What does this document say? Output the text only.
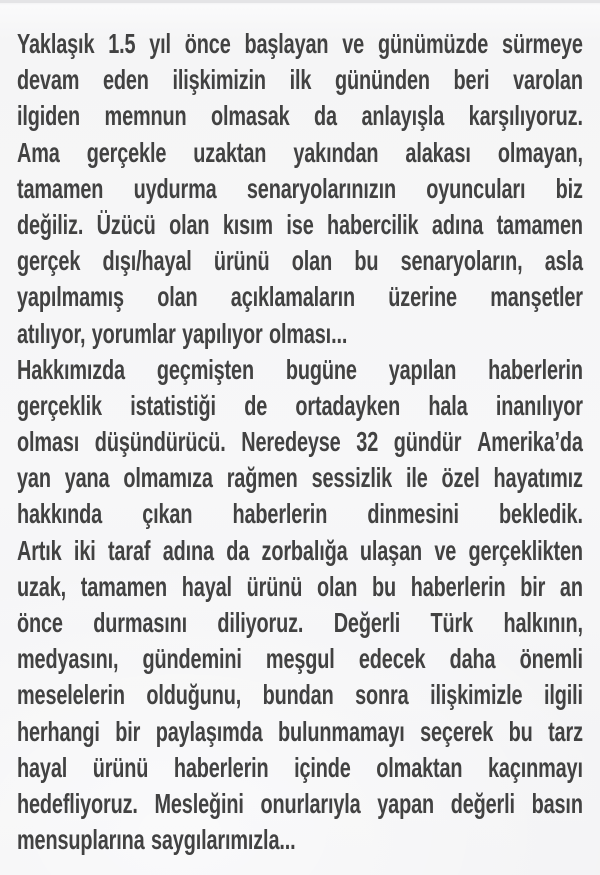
Yaklaşık 1.5 yıl önce başlayan ve günümüzde sürmeye
devam eden ilişkimizin ilk gününden beri varolan
ilgiden memnun olmasak da anlayışla karşılıyoruz.
Ama gerçekle uzaktan yakından alakası olmayan,
tamamen uydurma senaryolarınızın oyuncuları biz
değiliz. Üzücü olan kısım ise habercilik adına tamamen
gerçek dışı/hayal ürünü olan bu senaryoların, asla
yapılmamış olan açıklamaların üzerine manşetler
atılıyor, yorumlar yapılıyor olması...
Hakkımızda geçmişten bugüne yapılan haberlerin
gerçeklik istatistiği de ortadayken hala inanılıyor
olması düşündürücü. Neredeyse 32 gündür Amerika’da
yan yana olmamıza rağmen sessizlik ile özel hayatımız
hakkında çıkan haberlerin dinmesini bekledik.
Artık iki taraf adına da zorbalığa ulaşan ve gerçeklikten
uzak, tamamen hayal ürünü olan bu haberlerin bir an
önce durmasını diliyoruz. Değerli Türk halkının,
medyasını, gündemini meşgul edecek daha önemli
meselelerin olduğunu, bundan sonra ilişkimizle ilgili
herhangi bir paylaşımda bulunmamayı seçerek bu tarz
hayal ürünü haberlerin içinde olmaktan kaçınmayı
hedefliyoruz. Mesleğini onurlarıyla yapan değerli basın
mensuplarına saygılarımızla...
